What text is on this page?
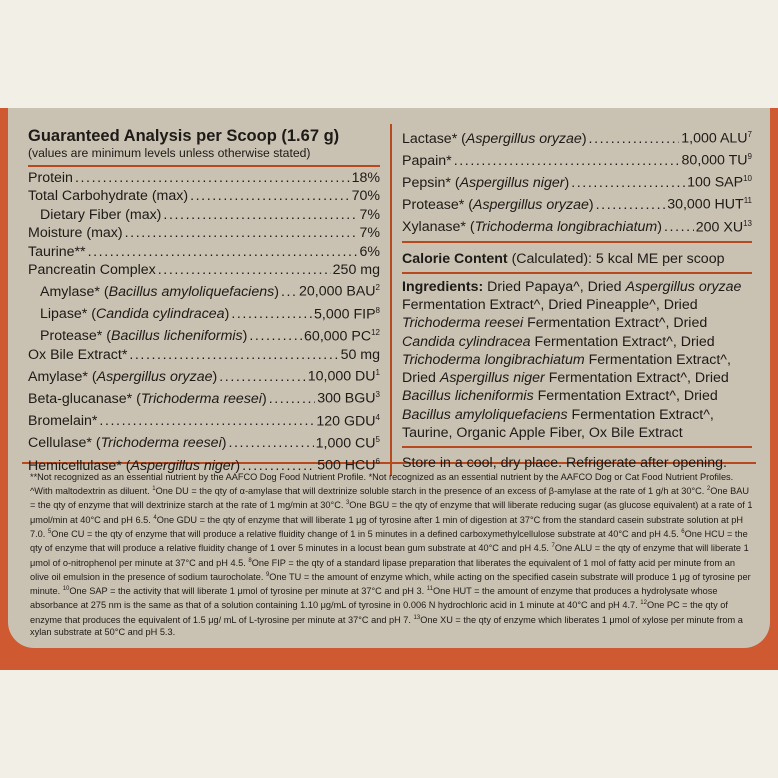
Guaranteed Analysis per Scoop (1.67 g)
(values are minimum levels unless otherwise stated)
Protein .....	18%
Total Carbohydrate (max) .....	70%
Dietary Fiber (max) .....	7%
Moisture (max) .....	7%
Taurine** .....	6%
Pancreatin Complex .....	250 mg
Amylase* (Bacillus amyloliquefaciens) ..... 20,000 BAU$^2$
Lipase* (Candida cylindracea) .....	5,000 FIP$^8$
Protease* (Bacillus licheniformis) .....	60,000 PC$^{12}$
Ox Bile Extract* .....	50 mg
Amylase* (Aspergillus oryzae) .....	10,000 $DU^1$
Beta-glucanase* (Trichoderma reesei) .....	300 BGU$^3$
Bromelain* .....	120 GDU$^4$
Cellulase* (Trichoderma reesei) .....	1,000 $CU^5$
Hemicellulase* (Aspergillus niger) .....	500 HCU$^6$
Lactase* (Aspergillus oryzae) .....	1,000 ALU$^7$
Papain* .....	80,000 $TU^9$
Pepsin* (Aspergillus niger) .....	100 SAP$^{10}$
Protease* (Aspergillus oryzae) .....	30,000 HUT$^{11}$
Xylanase* (Trichoderma longibrachiatum) ..... 200 XU$^{13}$
Calorie Content (Calculated): 5 kcal ME per scoop
Ingredients: Dried Papaya^, Dried Aspergillus oryzae Fermentation Extract^, Dried Pineapple^, Dried Trichoderma reesei Fermentation Extract^, Dried Candida cylindracea Fermentation Extract^, Dried Trichoderma longibrachiatum Fermentation Extract^, Dried Aspergillus niger Fermentation Extract^, Dried Bacillus licheniformis Fermentation Extract^, Dried Bacillus amyloliquefaciens Fermentation Extract^, Taurine, Organic Apple Fiber, Ox Bile Extract
Store in a cool, dry place. Refrigerate after opening.
**Not recognized as an essential nutrient by the AAFCO Dog Food Nutrient Profile. *Not recognized as an essential nutrient by the AAFCO Dog or Cat Food Nutrient Profiles. ^With maltodextrin as diluent. $^1$One DU = the qty of α-amylase that will dextrinize soluble starch in the presence of an excess of β-amylase at the rate of 1 g/h at 30°C. $^2$One BAU = the qty of enzyme that will dextrinize starch at the rate of 1 mg/min at 30°C. $^3$One BGU = the qty of enzyme that will liberate reducing sugar (as glucose equivalent) at a rate of 1 μmol/min at 40°C and pH 6.5. $^4$One GDU = the qty of enzyme that will liberate 1 μg of tyrosine after 1 min of digestion at 37°C from the standard casein substrate solution at pH 7.0. $^5$One CU = the qty of enzyme that will produce a relative fluidity change of 1 in 5 minutes in a defined carboxymethylcellulose substrate at 40°C and pH 4.5. $^6$One HCU = the qty of enzyme that will produce a relative fluidity change of 1 over 5 minutes in a locust bean gum substrate at 40°C and pH 4.5. $^7$One ALU = the qty of enzyme that will liberate 1 μmol of o-nitrophenol per minute at 37°C and pH 4.5. $^8$One FIP = the qty of a standard lipase preparation that liberates the equivalent of 1 mol of fatty acid per minute from an olive oil emulsion in the presence of sodium taurocholate. $^9$One TU = the amount of enzyme which, while acting on the specified casein substrate will produce 1 μg of tyrosine per minute. $^{10}$One SAP = the activity that will liberate 1 μmol of tyrosine per minute at 37°C and pH 3. $^{11}$One HUT = the amount of enzyme that produces a hydrolysate whose absorbance at 275 nm is the same as that of a solution containing 1.10 μg/mL of tyrosine in 0.006 N hydrochloric acid in 1 minute at 40°C and pH 4.7. $^{12}$One PC = the qty of enzyme that produces the equivalent of 1.5 μg/ mL of L-tyrosine per minute at 37°C and pH 7. $^{13}$One XU = the qty of enzyme which liberates 1 μmol of xylose per minute from a xylan substrate at 50°C and pH 5.3.
